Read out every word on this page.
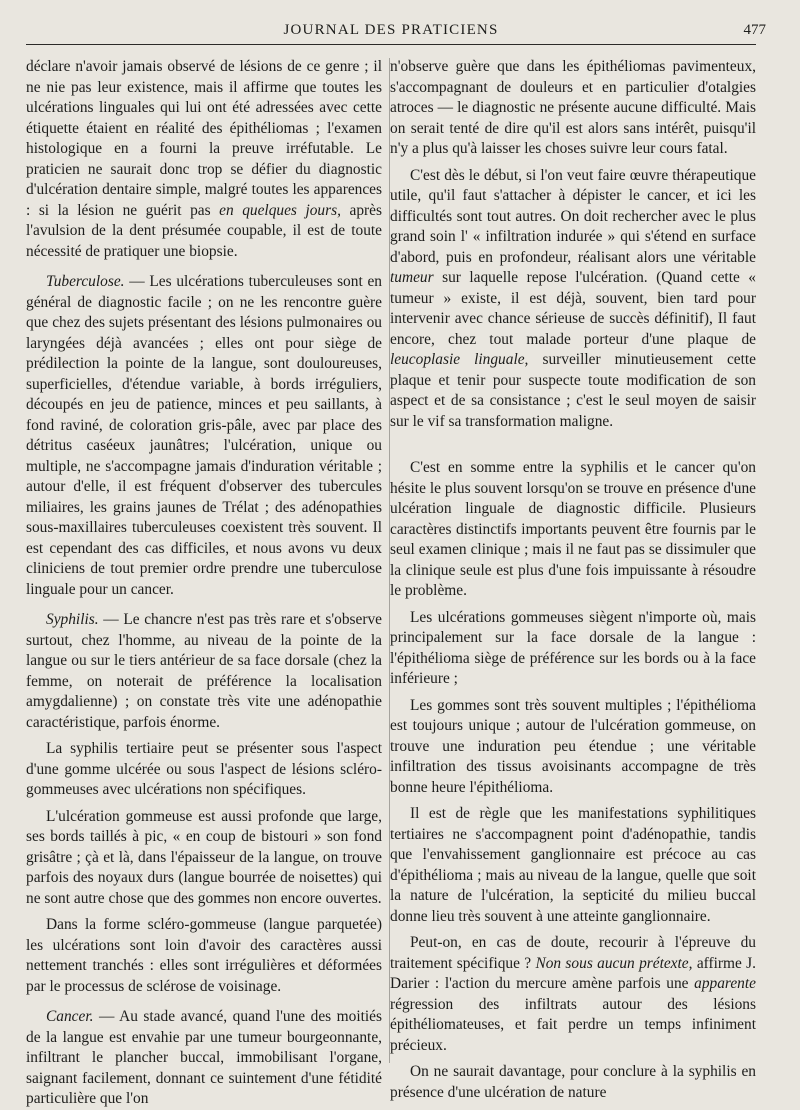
JOURNAL DES PRATICIENS	477

déclare n'avoir jamais observé de lésions de ce genre ; il ne nie pas leur existence, mais il affirme que toutes les ulcérations linguales qui lui ont été adressées avec cette étiquette étaient en réalité des épithéliomas ; l'examen histologique en a fourni la preuve irréfutable. Le praticien ne saurait donc trop se défier du diagnostic d'ulcération dentaire simple, malgré toutes les apparences : si la lésion ne guérit pas en quelques jours, après l'avulsion de la dent présumée coupable, il est de toute nécessité de pratiquer une biopsie.

Tuberculose. — Les ulcérations tuberculeuses sont en général de diagnostic facile ; on ne les rencontre guère que chez des sujets présentant des lésions pulmonaires ou laryngées déjà avancées ; elles ont pour siège de prédilection la pointe de la langue, sont douloureuses, superficielles, d'étendue variable, à bords irréguliers, découpés en jeu de patience, minces et peu saillants, à fond raviné, de coloration gris-pâle, avec par place des détritus caséeux jaunâtres; l'ulcération, unique ou multiple, ne s'accompagne jamais d'induration véritable ; autour d'elle, il est fréquent d'observer des tubercules miliaires, les grains jaunes de Trélat ; des adénopathies sous-maxillaires tuberculeuses coexistent très souvent. Il est cependant des cas difficiles, et nous avons vu deux cliniciens de tout premier ordre prendre une tuberculose linguale pour un cancer.

Syphilis. — Le chancre n'est pas très rare et s'observe surtout, chez l'homme, au niveau de la pointe de la langue ou sur le tiers antérieur de sa face dorsale (chez la femme, on noterait de préférence la localisation amygdalienne) ; on constate très vite une adénopathie caractéristique, parfois énorme.

La syphilis tertiaire peut se présenter sous l'aspect d'une gomme ulcérée ou sous l'aspect de lésions scléro-gommeuses avec ulcérations non spécifiques.

L'ulcération gommeuse est aussi profonde que large, ses bords taillés à pic, « en coup de bistouri » son fond grisâtre ; çà et là, dans l'épaisseur de la langue, on trouve parfois des noyaux durs (langue bourrée de noisettes) qui ne sont autre chose que des gommes non encore ouvertes.

Dans la forme scléro-gommeuse (langue parquetée) les ulcérations sont loin d'avoir des caractères aussi nettement tranchés : elles sont irrégulières et déformées par le processus de sclérose de voisinage.

Cancer. — Au stade avancé, quand l'une des moitiés de la langue est envahie par une tumeur bourgeonnante, infiltrant le plancher buccal, immobilisant l'organe, saignant facilement, donnant ce suintement d'une fétidité particulière que l'on

n'observe guère que dans les épithéliomas pavimenteux, s'accompagnant de douleurs et en particulier d'otalgies atroces — le diagnostic ne présente aucune difficulté. Mais on serait tenté de dire qu'il est alors sans intérêt, puisqu'il n'y a plus qu'à laisser les choses suivre leur cours fatal.

C'est dès le début, si l'on veut faire œuvre thérapeutique utile, qu'il faut s'attacher à dépister le cancer, et ici les difficultés sont tout autres. On doit rechercher avec le plus grand soin l' « infiltration indurée » qui s'étend en surface d'abord, puis en profondeur, réalisant alors une véritable tumeur sur laquelle repose l'ulcération. (Quand cette « tumeur » existe, il est déjà, souvent, bien tard pour intervenir avec chance sérieuse de succès définitif), Il faut encore, chez tout malade porteur d'une plaque de leucoplasie linguale, surveiller minutieusement cette plaque et tenir pour suspecte toute modification de son aspect et de sa consistance ; c'est le seul moyen de saisir sur le vif sa transformation maligne.

C'est en somme entre la syphilis et le cancer qu'on hésite le plus souvent lorsqu'on se trouve en présence d'une ulcération linguale de diagnostic difficile. Plusieurs caractères distinctifs importants peuvent être fournis par le seul examen clinique ; mais il ne faut pas se dissimuler que la clinique seule est plus d'une fois impuissante à résoudre le problème.

Les ulcérations gommeuses siègent n'importe où, mais principalement sur la face dorsale de la langue : l'épithélioma siège de préférence sur les bords ou à la face inférieure ;

Les gommes sont très souvent multiples ; l'épithélioma est toujours unique ; autour de l'ulcération gommeuse, on trouve une induration peu étendue ; une véritable infiltration des tissus avoisinants accompagne de très bonne heure l'épithélioma.

Il est de règle que les manifestations syphilitiques tertiaires ne s'accompagnent point d'adénopathie, tandis que l'envahissement ganglionnaire est précoce au cas d'épithélioma ; mais au niveau de la langue, quelle que soit la nature de l'ulcération, la septicité du milieu buccal donne lieu très souvent à une atteinte ganglionnaire.

Peut-on, en cas de doute, recourir à l'épreuve du traitement spécifique ? Non sous aucun prétexte, affirme J. Darier : l'action du mercure amène parfois une apparente régression des infiltrats autour des lésions épithéliomateuses, et fait perdre un temps infiniment précieux.

On ne saurait davantage, pour conclure à la syphilis en présence d'une ulcération de nature
